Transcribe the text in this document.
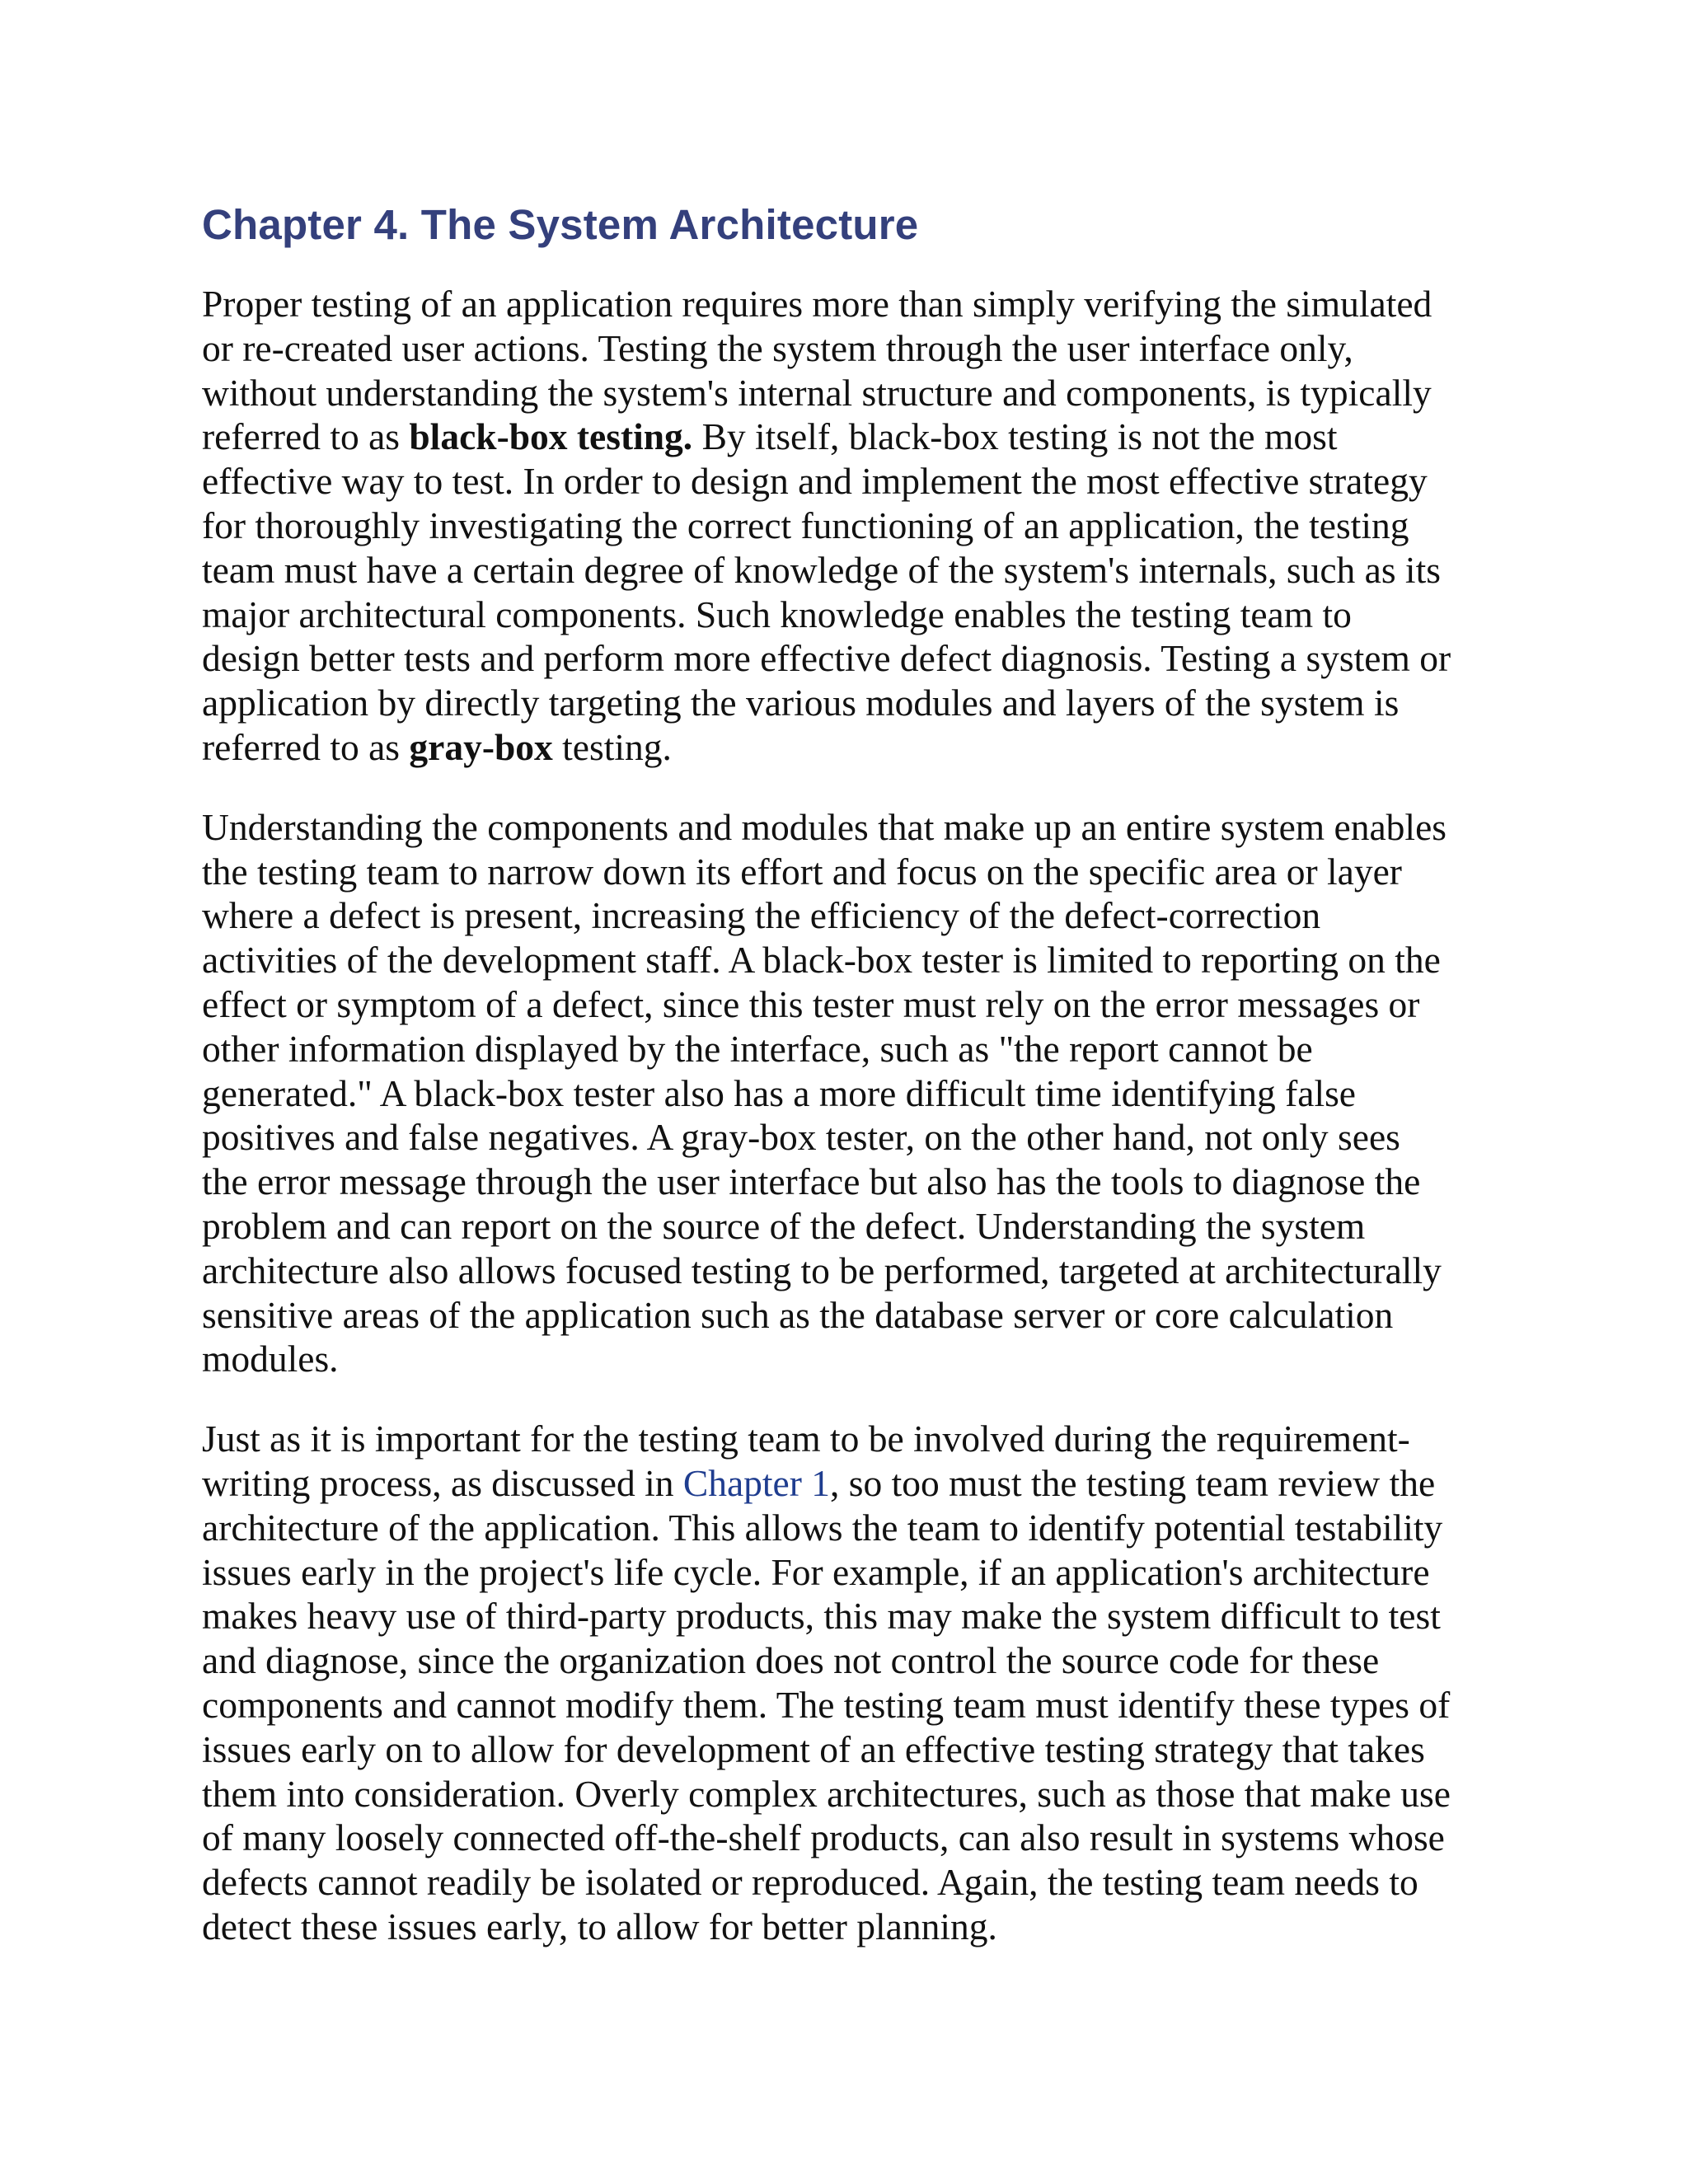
Chapter 4. The System Architecture

Proper testing of an application requires more than simply verifying the simulated
or re-created user actions. Testing the system through the user interface only,
without understanding the system's internal structure and components, is typically
referred to as black-box testing. By itself, black-box testing is not the most
effective way to test. In order to design and implement the most effective strategy
for thoroughly investigating the correct functioning of an application, the testing
team must have a certain degree of knowledge of the system's internals, such as its
major architectural components. Such knowledge enables the testing team to
design better tests and perform more effective defect diagnosis. Testing a system or
application by directly targeting the various modules and layers of the system is
referred to as gray-box testing.

Understanding the components and modules that make up an entire system enables
the testing team to narrow down its effort and focus on the specific area or layer
where a defect is present, increasing the efficiency of the defect-correction
activities of the development staff. A black-box tester is limited to reporting on the
effect or symptom of a defect, since this tester must rely on the error messages or
other information displayed by the interface, such as "the report cannot be
generated." A black-box tester also has a more difficult time identifying false
positives and false negatives. A gray-box tester, on the other hand, not only sees
the error message through the user interface but also has the tools to diagnose the
problem and can report on the source of the defect. Understanding the system
architecture also allows focused testing to be performed, targeted at architecturally
sensitive areas of the application such as the database server or core calculation
modules.

Just as it is important for the testing team to be involved during the requirement-
writing process, as discussed in Chapter 1, so too must the testing team review the
architecture of the application. This allows the team to identify potential testability
issues early in the project's life cycle. For example, if an application's architecture
makes heavy use of third-party products, this may make the system difficult to test
and diagnose, since the organization does not control the source code for these
components and cannot modify them. The testing team must identify these types of
issues early on to allow for development of an effective testing strategy that takes
them into consideration. Overly complex architectures, such as those that make use
of many loosely connected off-the-shelf products, can also result in systems whose
defects cannot readily be isolated or reproduced. Again, the testing team needs to
detect these issues early, to allow for better planning.
